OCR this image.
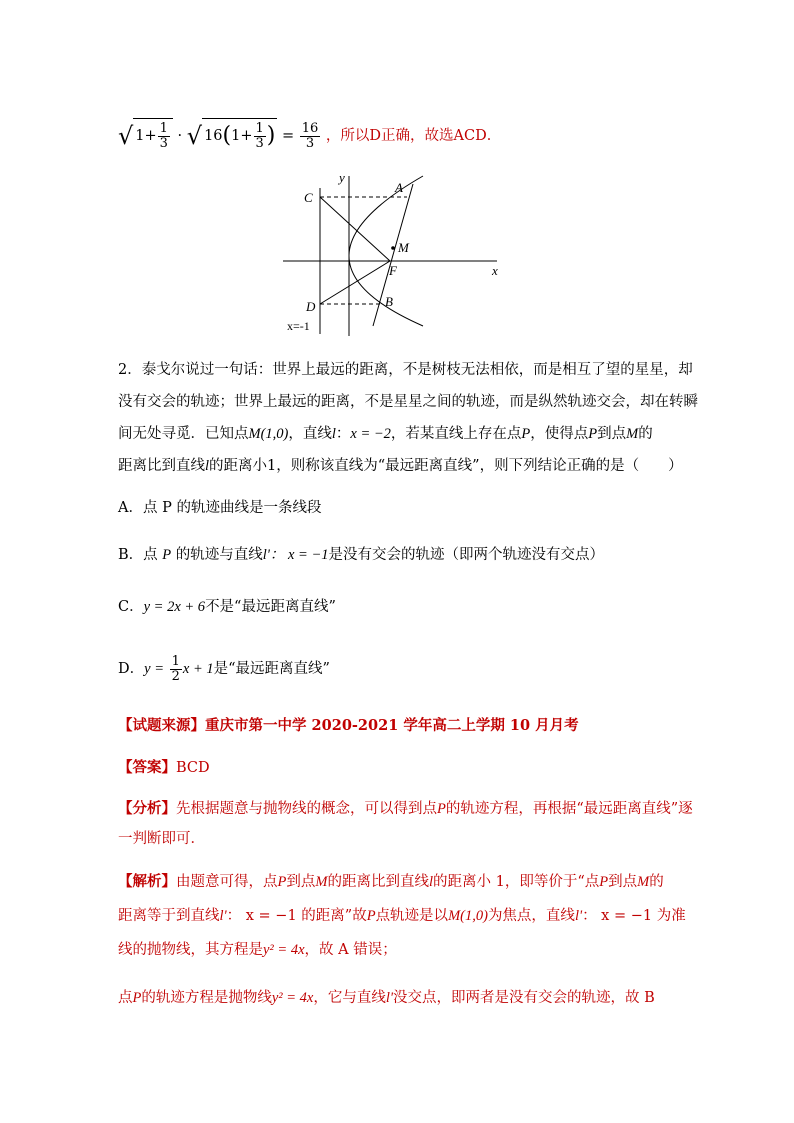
√ $1+ \frac{1}{3}$ · √ $16(1+ \frac{1}{3}$ ) = $\frac{16}{3}$ ，所以D正确，故选ACD．
y
x
A
C
M
F
D	B
x=-1
2．泰戈尔说过一句话：世界上最远的距离，不是树枝无法相依，而是相互了望的星星，却
没有交会的轨迹；世界上最远的距离，不是星星之间的轨迹，而是纵然轨迹交会，却在转瞬
间无处寻觅．已知点M(1,0)，直线l：x = −2，若某直线上存在点P，使得点P到点M的
距离比到直线l的距离小1，则称该直线为“最远距离直线”，则下列结论正确的是（　　）
A．点 P 的轨迹曲线是一条线段
B．点 P 的轨迹与直线l'： x = −1是没有交会的轨迹（即两个轨迹没有交点）
C．y = 2x + 6不是“最远距离直线”
D．$y = \frac{1}{2}$ x + 1是“最远距离直线”
【试题来源】重庆市第一中学 2020-2021 学年高二上学期 10 月月考
【答案】BCD
【分析】先根据题意与抛物线的概念，可以得到点P的轨迹方程，再根据“最远距离直线”逐
一判断即可．
【解析】由题意可得，点P到点M的距离比到直线l的距离小 1，即等价于“点P到点M的
距离等于到直线l'： x = −1 的距离”故P点轨迹是以M(1,0)为焦点，直线l'： x = −1 为准
线的抛物线，其方程是y² = 4x，故 A 错误；
点P的轨迹方程是抛物线y² = 4x，它与直线l'没交点，即两者是没有交会的轨迹，故 B
